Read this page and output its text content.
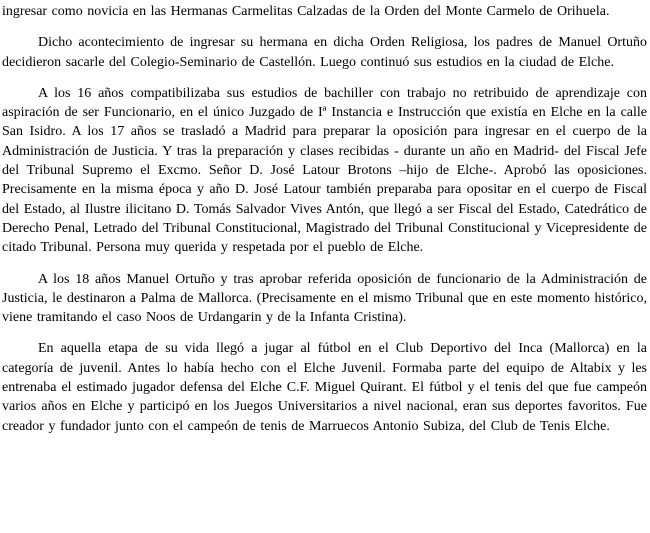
ingresar como novicia en las Hermanas Carmelitas Calzadas de la Orden del Monte Carmelo de Orihuela.

Dicho acontecimiento de ingresar su hermana en dicha Orden Religiosa, los padres de Manuel Ortuño decidieron sacarle del Colegio-Seminario de Castellón. Luego continuó sus estudios en la ciudad de Elche.

A los 16 años compatibilizaba sus estudios de bachiller con trabajo no retribuido de aprendizaje con aspiración de ser Funcionario, en el único Juzgado de Iª Instancia e Instrucción que existía en Elche en la calle San Isidro. A los 17 años se trasladó a Madrid para preparar la oposición para ingresar en el cuerpo de la Administración de Justicia. Y tras la preparación y clases recibidas - durante un año en Madrid- del Fiscal Jefe del Tribunal Supremo el Excmo. Señor D. José Latour Brotons –hijo de Elche-. Aprobó las oposiciones. Precisamente en la misma época y año D. José Latour también preparaba para opositar en el cuerpo de Fiscal del Estado, al Ilustre ilicitano D. Tomás Salvador Vives Antón, que llegó a ser Fiscal del Estado, Catedrático de Derecho Penal, Letrado del Tribunal Constitucional, Magistrado del Tribunal Constitucional y Vicepresidente de citado Tribunal. Persona muy querida y respetada por el pueblo de Elche.

A los 18 años Manuel Ortuño y tras aprobar referida oposición de funcionario de la Administración de Justicia, le destinaron a Palma de Mallorca. (Precisamente en el mismo Tribunal que en este momento histórico, viene tramitando el caso Noos de Urdangarin y de la Infanta Cristina).

En aquella etapa de su vida llegó a jugar al fútbol en el Club Deportivo del Inca (Mallorca) en la categoría de juvenil. Antes lo había hecho con el Elche Juvenil. Formaba parte del equipo de Altabix y les entrenaba el estimado jugador defensa del Elche C.F. Miguel Quirant. El fútbol y el tenis del que fue campeón varios años en Elche y participó en los Juegos Universitarios a nivel nacional, eran sus deportes favoritos. Fue creador y fundador junto con el campeón de tenis de Marruecos Antonio Subiza, del Club de Tenis Elche.
